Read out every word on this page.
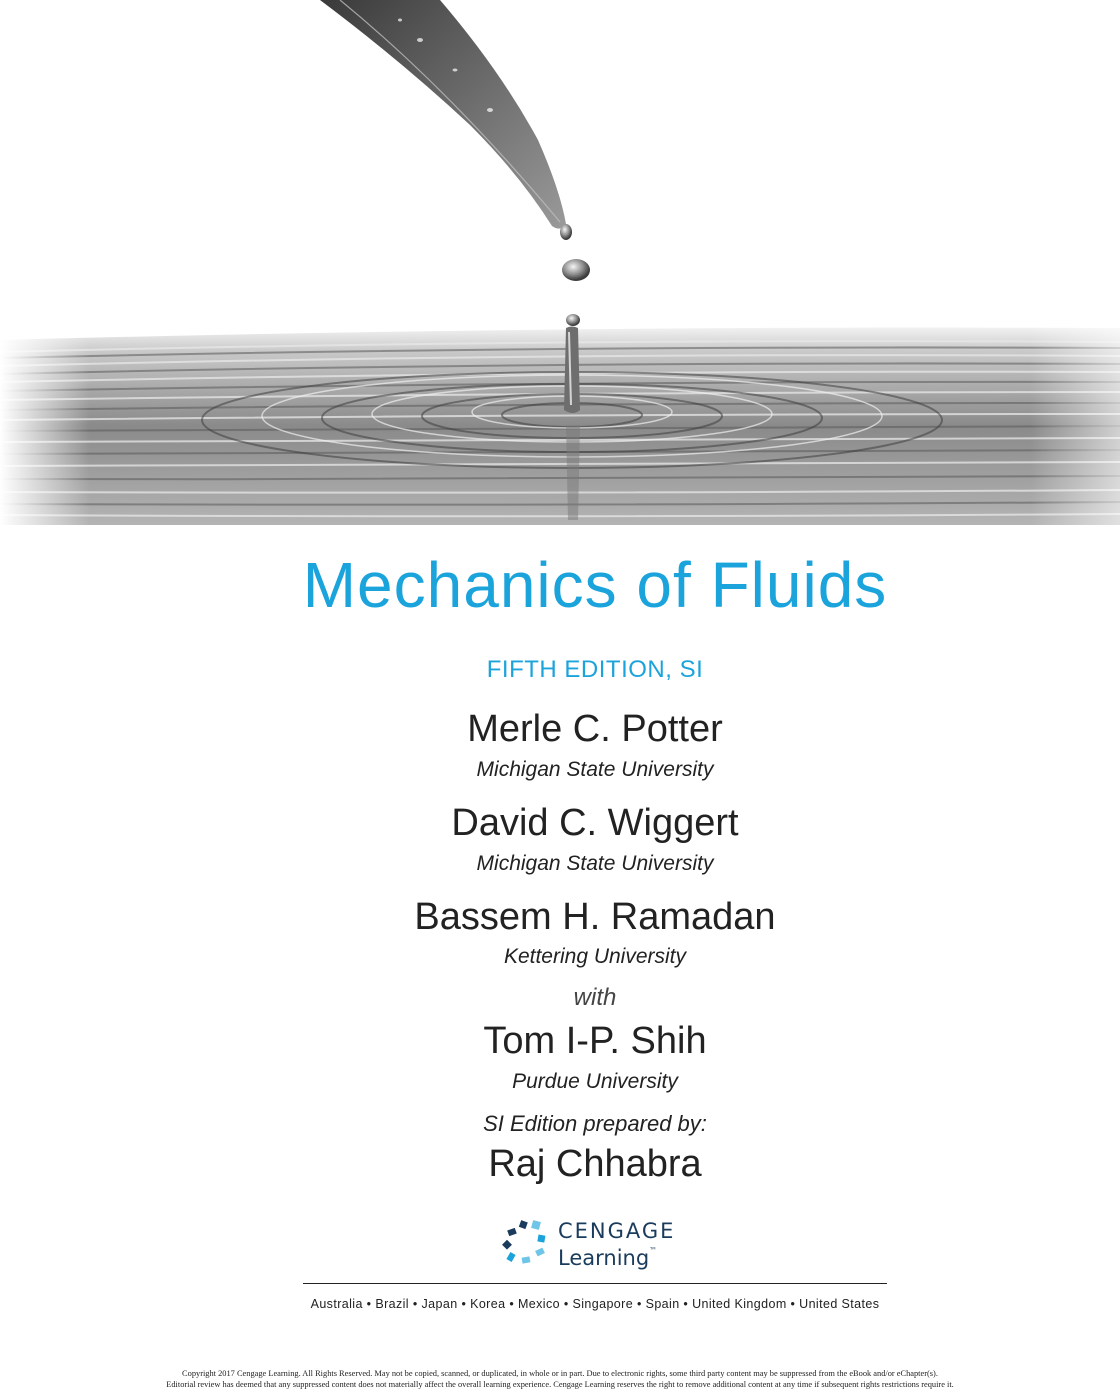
Mechanics of Fluids
FIFTH EDITION, SI
Merle C. Potter
Michigan State University
David C. Wiggert
Michigan State University
Bassem H. Ramadan
Kettering University
with
Tom I-P. Shih
Purdue University
SI Edition prepared by:
Raj Chhabra
CENGAGE
Learning™
Australia • Brazil • Japan • Korea • Mexico • Singapore • Spain • United Kingdom • United States
Copyright 2017 Cengage Learning. All Rights Reserved. May not be copied, scanned, or duplicated, in whole or in part. Due to electronic rights, some third party content may be suppressed from the eBook and/or eChapter(s).
Editorial review has deemed that any suppressed content does not materially affect the overall learning experience. Cengage Learning reserves the right to remove additional content at any time if subsequent rights restrictions require it.
